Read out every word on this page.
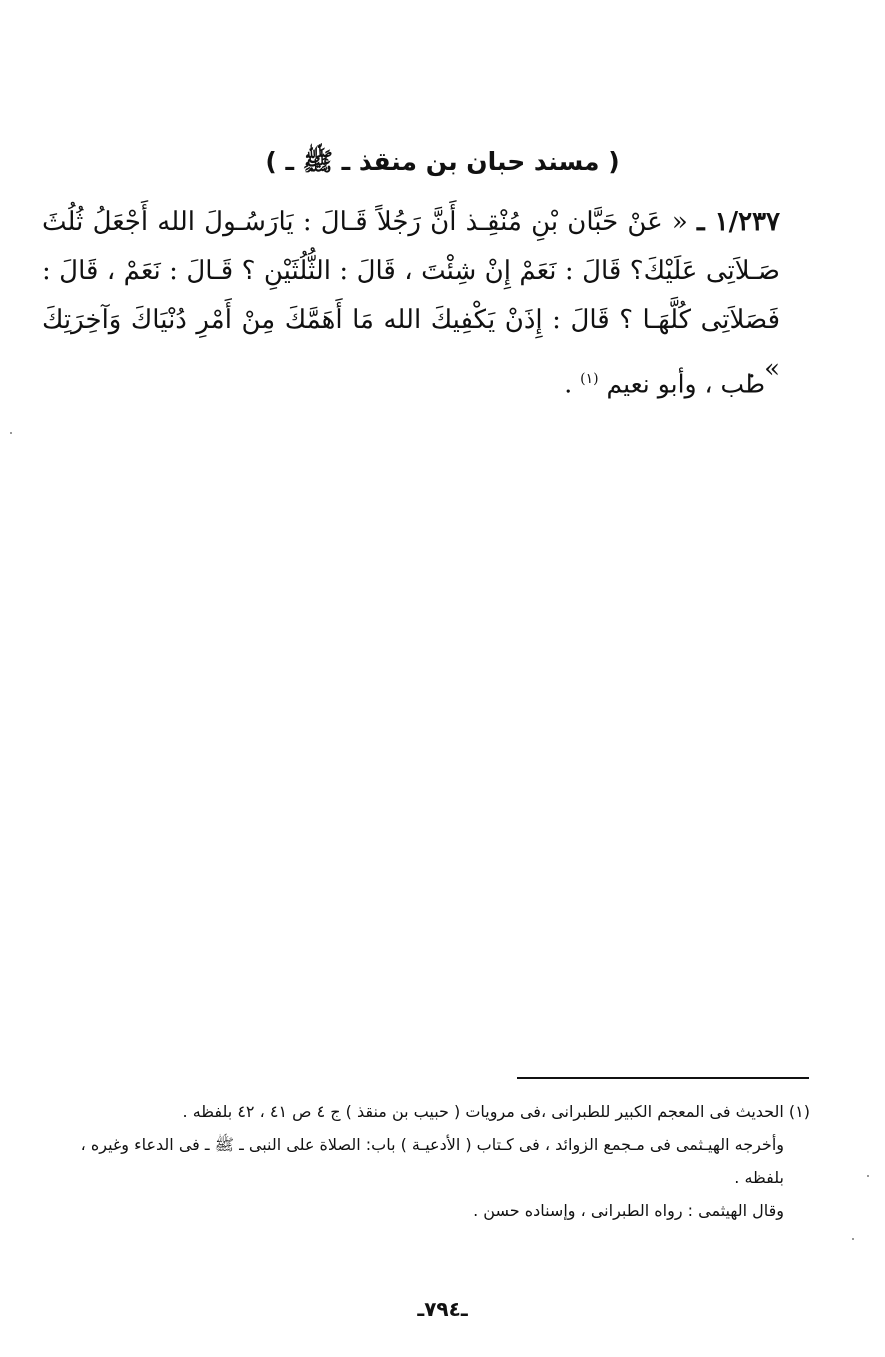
( مسند حبان بن منقذ ـ ﷺ ـ )
١/٢٣٧ ـ « عَنْ حَبَّان بْنِ مُنْقِـذ أَنَّ رَجُلاً قَـالَ : يَارَسُـولَ الله أَجْعَلُ ثُلُثَ صَـلاَتِى عَلَيْكَ؟ قَالَ : نَعَمْ إِنْ شِئْتَ ، قَالَ : الثُّلُثَيْنِ ؟ قَـالَ : نَعَمْ ، قَالَ : فَصَلاَتِى كُلَّهَـا ؟ قَالَ : إِذَنْ يَكْفِيكَ الله مَا أَهَمَّكَ مِنْ أَمْرِ دُنْيَاكَ وَآخِرَتِكَ » .
طب ، وأبو نعيم $^{(١)}$ .

(١) الحديث فى المعجم الكبير للطبرانى ،فى مرويات ( حبيب بن منقذ ) ج ٤ ص ٤١ ، ٤٢ بلفظه .

وأخرجه الهيـثمى فى مـجمع الزوائد ، فى كـتاب ( الأدعيـة ) باب: الصلاة على النبى ـ ﷺ ـ فى الدعاء وغيره ، بلفظه .

وقال الهيثمى : رواه الطبرانى ، وإسناده حسن .

ـ٧٩٤ـ
